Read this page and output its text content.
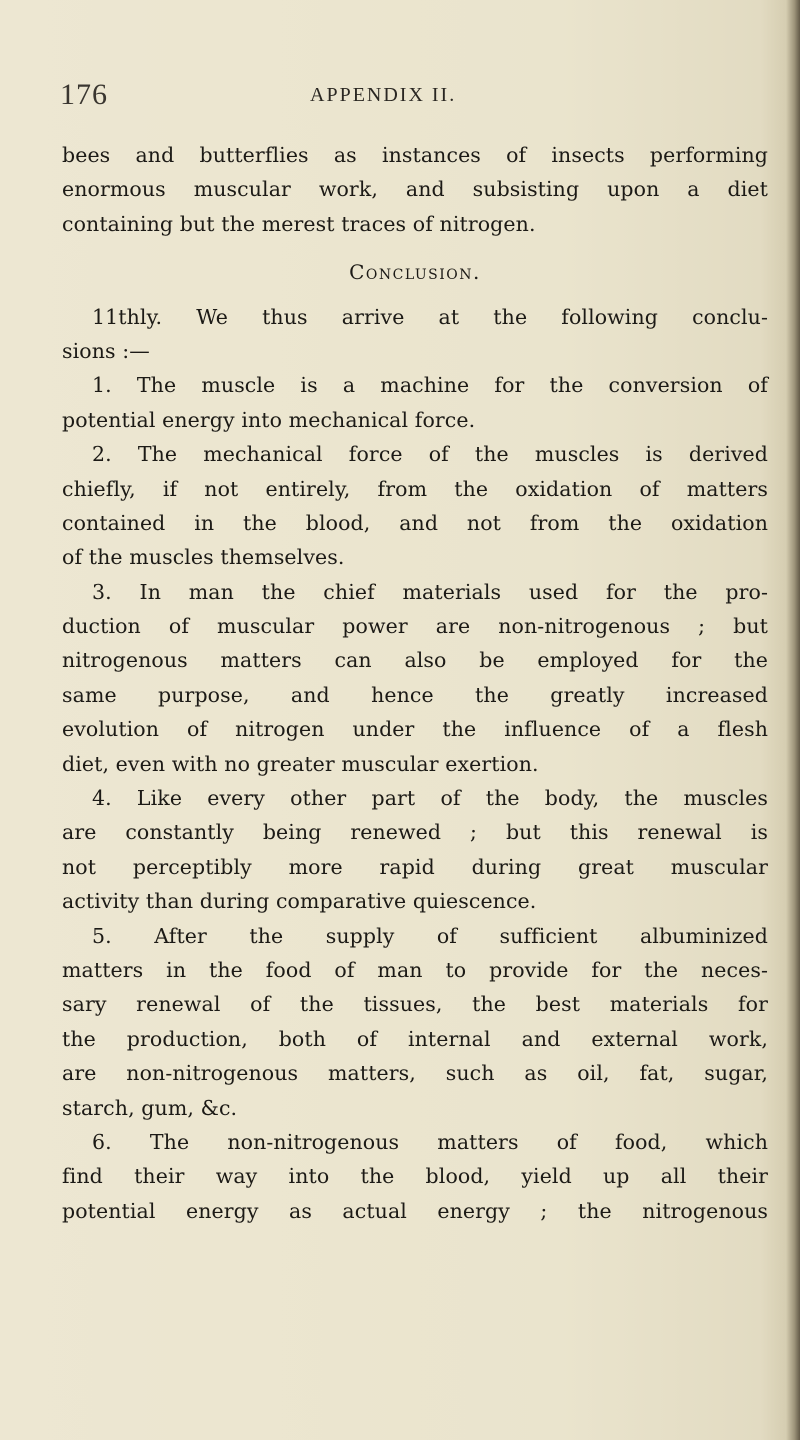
176	APPENDIX II.
bees and butterflies as instances of insects performing
enormous muscular work, and subsisting upon a diet
containing but the merest traces of nitrogen.
Conclusion.
11thly. We thus arrive at the following conclu-
sions :—
1. The muscle is a machine for the conversion of
potential energy into mechanical force.
2. The mechanical force of the muscles is derived
chiefly, if not entirely, from the oxidation of matters
contained in the blood, and not from the oxidation
of the muscles themselves.
3. In man the chief materials used for the pro-
duction of muscular power are non-nitrogenous ; but
nitrogenous matters can also be employed for the
same purpose, and hence the greatly increased
evolution of nitrogen under the influence of a flesh
diet, even with no greater muscular exertion.
4. Like every other part of the body, the muscles
are constantly being renewed ; but this renewal is
not perceptibly more rapid during great muscular
activity than during comparative quiescence.
5. After the supply of sufficient albuminized
matters in the food of man to provide for the neces-
sary renewal of the tissues, the best materials for
the production, both of internal and external work,
are non-nitrogenous matters, such as oil, fat, sugar,
starch, gum, &c.
6. The non-nitrogenous matters of food, which
find their way into the blood, yield up all their
potential energy as actual energy ; the nitrogenous
